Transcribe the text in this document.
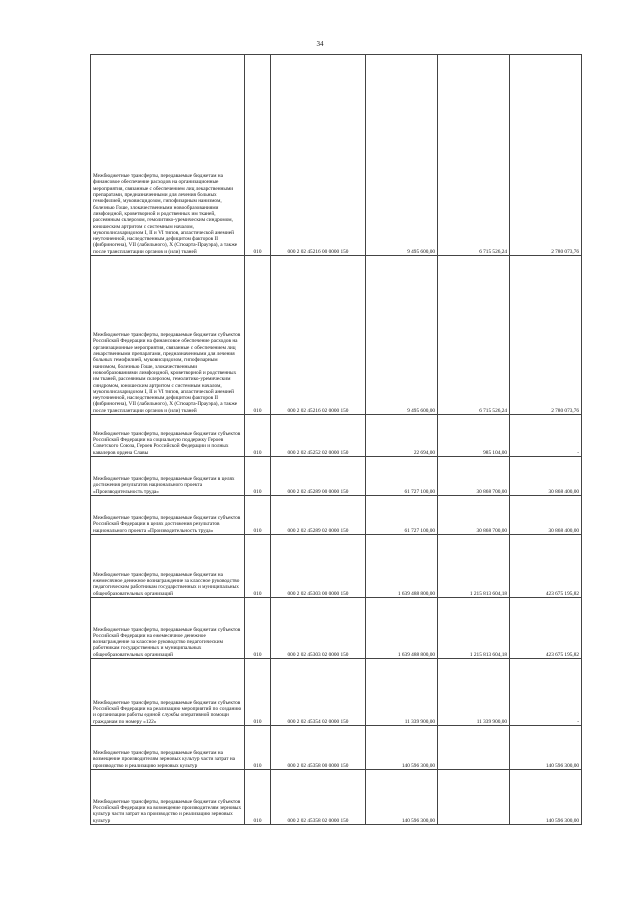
34
Межбюджетные трансферты, передаваемые бюджетам на финансовое обеспечение расходов на организационные мероприятия, связанные с обеспечением лиц лекарственными препаратами, предназначенными для лечения больных гемофилией, муковисцидозом, гипофизарным нанизмом, болезнью Гоше, злокачественными новообразованиями лимфоидной, кроветворной и родственных им тканей, рассеянным склерозом, гемолитико-уремическим синдромом, юношеским артритом с системным началом, мукополисахаридозом I, II и VI типов, апластической анемией неуточненной, наследственным дефицитом факторов II (фибриногена), VII (лабильного), X (Стюарта-Прауэра), а также после трансплантации органов и (или) тканей	010	000 2 02 45216 00 0000 150	9 495 600,00	6 715 526,24	2 780 073,76
Межбюджетные трансферты, передаваемые бюджетам субъектов Российской Федерации на финансовое обеспечение расходов на организационные мероприятия, связанные с обеспечением лиц лекарственными препаратами, предназначенными для лечения больных гемофилией, муковисцидозом, гипофизарным нанизмом, болезнью Гоше, злокачественными новообразованиями лимфоидной, кроветворной и родственных им тканей, рассеянным склерозом, гемолитико-уремическим синдромом, юношеским артритом с системным началом, мукополисахаридозом I, II и VI типов, апластической анемией неуточненной, наследственным дефицитом факторов II (фибриногена), VII (лабильного), X (Стюарта-Прауэра), а также после трансплантации органов и (или) тканей	010	000 2 02 45216 02 0000 150	9 495 600,00	6 715 526,24	2 780 073,76
Межбюджетные трансферты, передаваемые бюджетам субъектов Российской Федерации на социальную поддержку Героев Советского Союза, Героев Российской Федерации и полных кавалеров ордена Славы	010	000 2 02 45252 02 0000 150	22 694,00	985 104,00	-
Межбюджетные трансферты, передаваемые бюджетам в целях достижения результатов национального проекта «Производительность труда»	010	000 2 02 45289 00 0000 150	61 727 100,00	30 868 700,00	30 868 400,00
Межбюджетные трансферты, передаваемые бюджетам субъектов Российской Федерации в целях достижения результатов национального проекта «Производительность труда»	010	000 2 02 45289 02 0000 150	61 727 100,00	30 868 700,00	30 868 400,00
Межбюджетные трансферты, передаваемые бюджетам на ежемесячное денежное вознаграждение за классное руководство педагогическим работникам государственных и муниципальных общеобразовательных организаций	010	000 2 02 45303 00 0000 150	1 639 488 800,00	1 215 813 604,18	423 675 195,82
Межбюджетные трансферты, передаваемые бюджетам субъектов Российской Федерации на ежемесячное денежное вознаграждение за классное руководство педагогическим работникам государственных и муниципальных общеобразовательных организаций	010	000 2 02 45303 02 0000 150	1 639 488 800,00	1 215 813 604,18	423 675 195,82
Межбюджетные трансферты, передаваемые бюджетам субъектов Российской Федерации на реализацию мероприятий по созданию и организации работы единой службы оперативной помощи гражданам по номеру «122»	010	000 2 02 45354 02 0000 150	11 339 900,00	11 339 900,00	-
Межбюджетные трансферты, передаваемые бюджетам на возмещение производителям зерновых культур части затрат на производство и реализацию зерновых культур	010	000 2 02 45358 00 0000 150	140 596 300,00		140 596 300,00
Межбюджетные трансферты, передаваемые бюджетам субъектов Российской Федерации на возмещение производителям зерновых культур части затрат на производство и реализацию зерновых культур	010	000 2 02 45358 02 0000 150	140 596 300,00		140 596 300,00
